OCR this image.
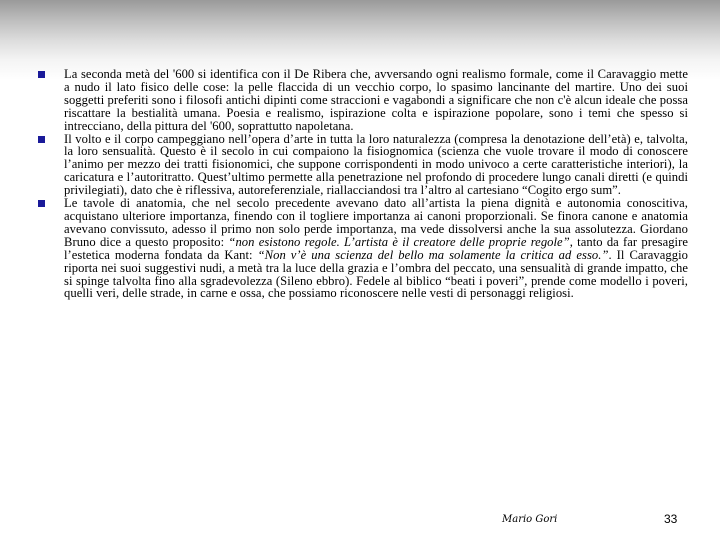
La seconda metà del '600 si identifica con il De Ribera che, avversando ogni realismo formale, come il Caravaggio mette a nudo il lato fisico delle cose: la pelle flaccida di un vecchio corpo, lo spasimo lancinante del martire. Uno dei suoi soggetti preferiti sono i filosofi antichi dipinti come straccioni e vagabondi a significare che non c'è alcun ideale che possa riscattare la bestialità umana. Poesia e realismo, ispirazione colta e ispirazione popolare, sono i temi che spesso si intrecciano, della pittura del '600, soprattutto napoletana.
Il volto e il corpo campeggiano nell’opera d’arte in tutta la loro naturalezza (compresa la denotazione dell’età) e, talvolta, la loro sensualità. Questo è il secolo in cui compaiono la fisiognomica (scienza che vuole trovare il modo di conoscere l’animo per mezzo dei tratti fisionomici, che suppone corrispondenti in modo univoco a certe caratteristiche interiori), la caricatura e l’autoritratto. Quest’ultimo permette alla penetrazione nel profondo di procedere lungo canali diretti (e quindi privilegiati), dato che è riflessiva, autoreferenziale, riallacciandosi tra l’altro al cartesiano “Cogito ergo sum”.
Le tavole di anatomia, che nel secolo precedente avevano dato all’artista la piena dignità e autonomia conoscitiva, acquistano ulteriore importanza, finendo con il togliere importanza ai canoni proporzionali. Se finora canone e anatomia avevano convissuto, adesso il primo non solo perde importanza, ma vede dissolversi anche la sua assolutezza. Giordano Bruno dice a questo proposito: “non esistono regole. L’artista è il creatore delle proprie regole”, tanto da far presagire l’estetica moderna fondata da Kant: “Non v’è una scienza del bello ma solamente la critica ad esso.”. Il Caravaggio riporta nei suoi suggestivi nudi, a metà tra la luce della grazia e l’ombra del peccato, una sensualità di grande impatto, che si spinge talvolta fino alla sgradevolezza (Sileno ebbro). Fedele al biblico “beati i poveri”, prende come modello i poveri, quelli veri, delle strade, in carne e ossa, che possiamo riconoscere nelle vesti di personaggi religiosi.
Mario Gori	33
